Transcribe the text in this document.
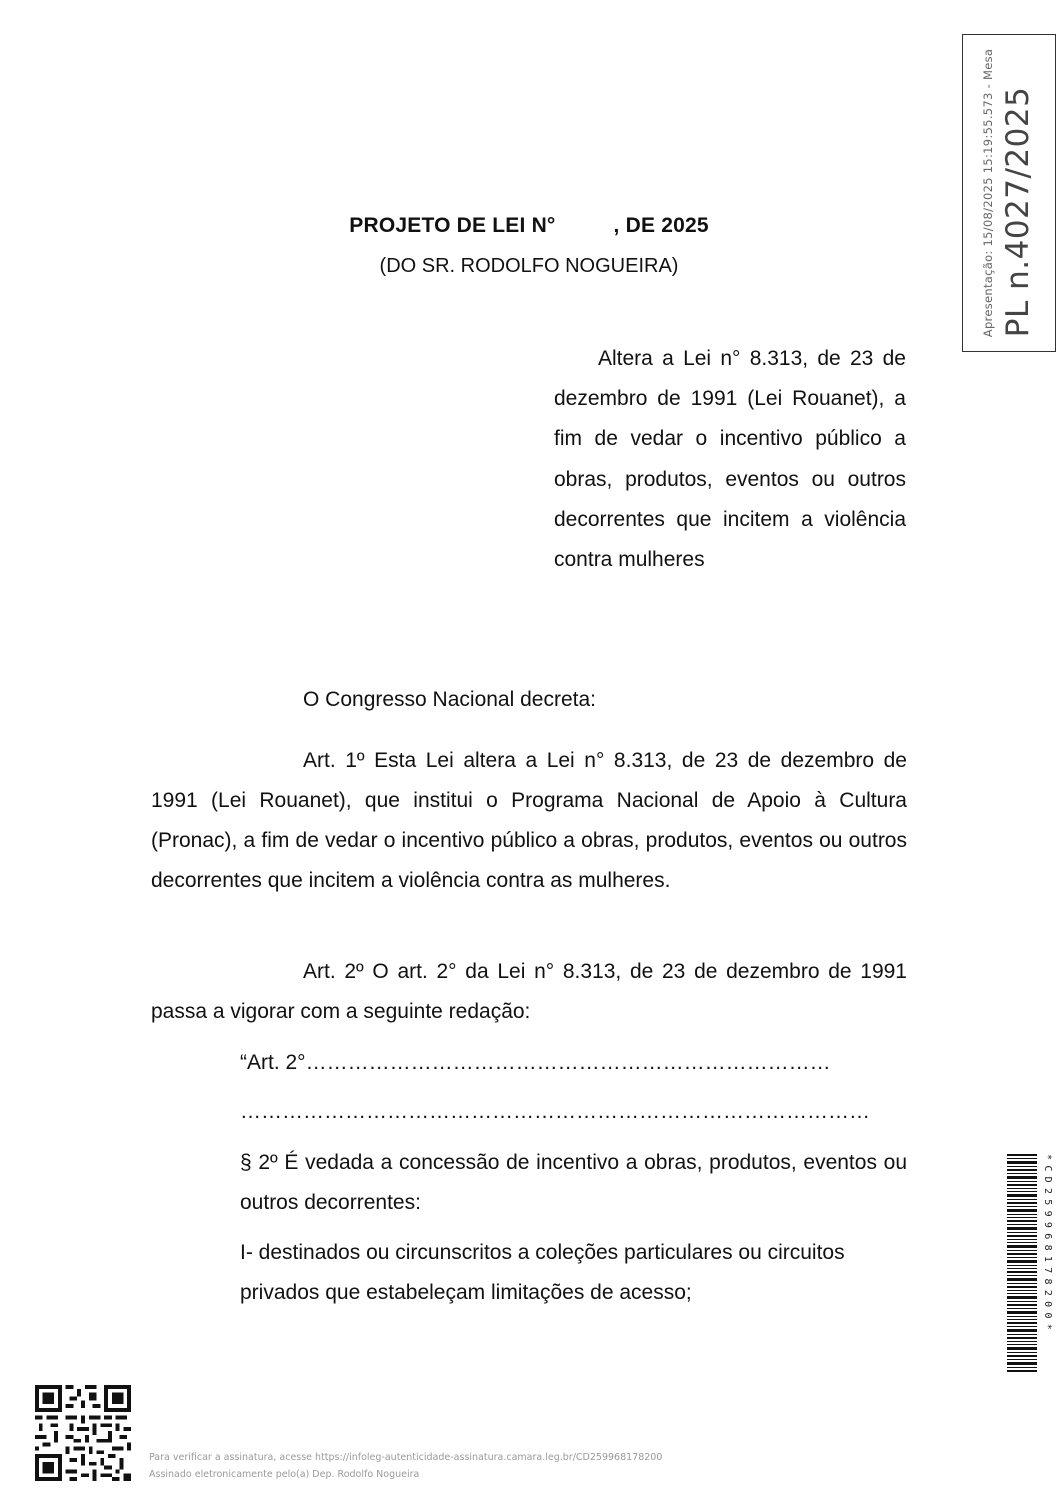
PROJETO DE LEI N°	, DE 2025
(DO SR. RODOLFO NOGUEIRA)
Altera a Lei n° 8.313, de 23 de dezembro de 1991 (Lei Rouanet), a fim de vedar o incentivo público a obras, produtos, eventos ou outros decorrentes que incitem a violência contra mulheres
O Congresso Nacional decreta:
Art. 1º Esta Lei altera a Lei n° 8.313, de 23 de dezembro de 1991 (Lei Rouanet), que institui o Programa Nacional de Apoio à Cultura (Pronac), a fim de vedar o incentivo público a obras, produtos, eventos ou outros decorrentes que incitem a violência contra as mulheres.
Art. 2º O art. 2° da Lei n° 8.313, de 23 de dezembro de 1991 passa a vigorar com a seguinte redação:
“Art. 2°…………………………………………………………………
………………………………………………………………………………
§ 2º É vedada a concessão de incentivo a obras, produtos, eventos ou outros decorrentes:
I- destinados ou circunscritos a coleções particulares ou circuitos privados que estabeleçam limitações de acesso;
Apresentação: 15/08/2025 15:19:55.573 - Mesa PL n.4027/2025
*CD259968178200*
Para verificar a assinatura, acesse https://infoleg-autenticidade-assinatura.camara.leg.br/CD259968178200
Assinado eletronicamente pelo(a) Dep. Rodolfo Nogueira
